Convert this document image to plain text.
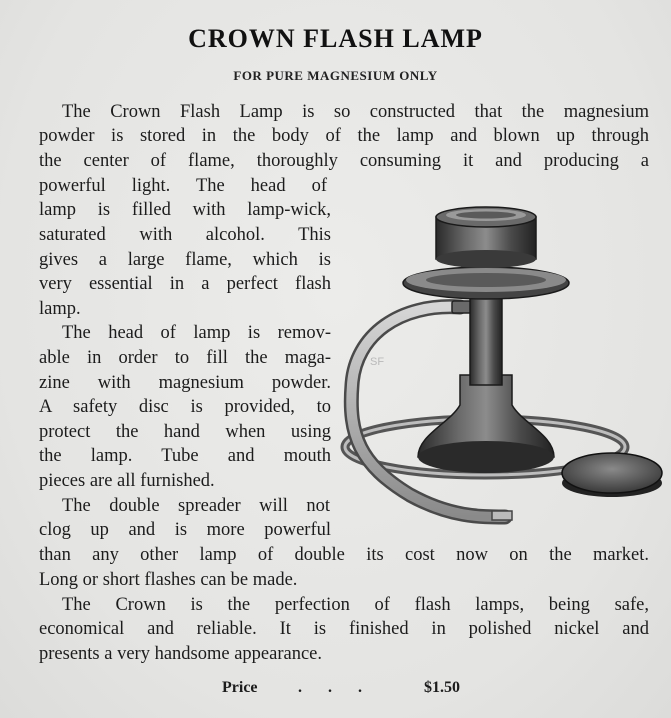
CROWN FLASH LAMP
FOR PURE MAGNESIUM ONLY
The Crown Flash Lamp is so constructed that the magnesium
powder is stored in the body of the lamp and blown up through
the center of flame, thoroughly consuming it and producing a
powerful light. The head of
lamp is filled with lamp-wick,
saturated with alcohol. This
gives a large flame, which is
very essential in a perfect flash
lamp.
The head of lamp is remov-
able in order to fill the maga-
zine with magnesium powder.
A safety disc is provided, to
protect the hand when using
the lamp. Tube and mouth
pieces are all furnished.
The double spreader will not
clog up and is more powerful
than any other lamp of double its cost now on the market.
Long or short flashes can be made.
The Crown is the perfection of flash lamps, being safe,
economical and reliable. It is finished in polished nickel and
presents a very handsome appearance.
Price	.     .     .	$1.50
SF
